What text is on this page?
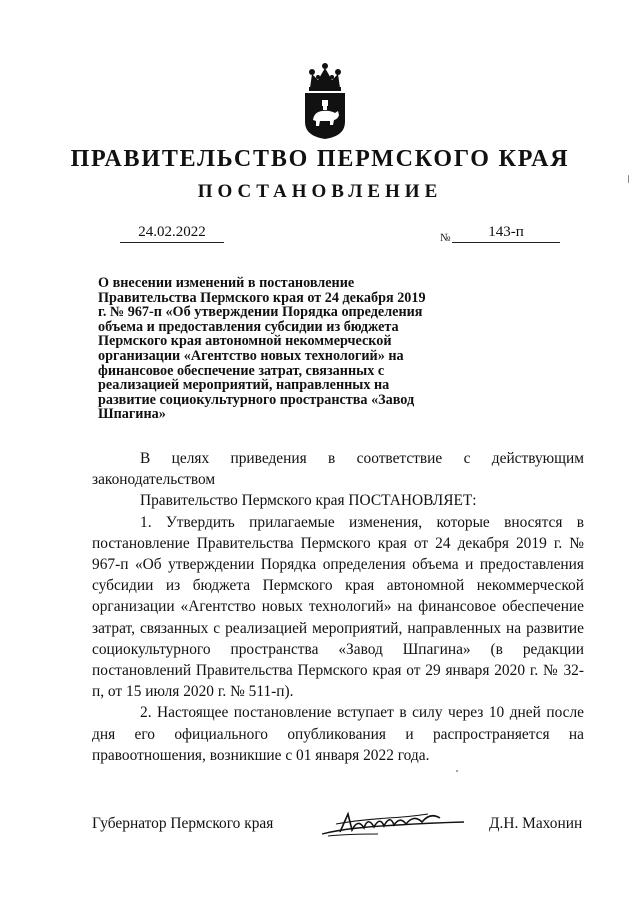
ПРАВИТЕЛЬСТВО ПЕРМСКОГО КРАЯ
ПОСТАНОВЛЕНИЕ
24.02.2022	№	143-п
О внесении изменений в постановление Правительства Пермского края от 24 декабря 2019 г. № 967-п «Об утверждении Порядка определения объема и предоставления субсидии из бюджета Пермского края автономной некоммерческой организации «Агентство новых технологий» на финансовое обеспечение затрат, связанных с реализацией мероприятий, направленных на развитие социокультурного пространства «Завод Шпагина»

В целях приведения в соответствие с действующим законодательством

Правительство Пермского края ПОСТАНОВЛЯЕТ:

1. Утвердить прилагаемые изменения, которые вносятся в постановление Правительства Пермского края от 24 декабря 2019 г. № 967-п «Об утверждении Порядка определения объема и предоставления субсидии из бюджета Пермского края автономной некоммерческой организации «Агентство новых технологий» на финансовое обеспечение затрат, связанных с реализацией мероприятий, направленных на развитие социокультурного пространства «Завод Шпагина» (в редакции постановлений Правительства Пермского края от 29 января 2020 г. № 32-п, от 15 июля 2020 г. № 511-п).

2. Настоящее постановление вступает в силу через 10 дней после дня его официального опубликования и распространяется на правоотношения, возникшие с 01 января 2022 года.

Губернатор Пермского края	Д.Н. Махонин
